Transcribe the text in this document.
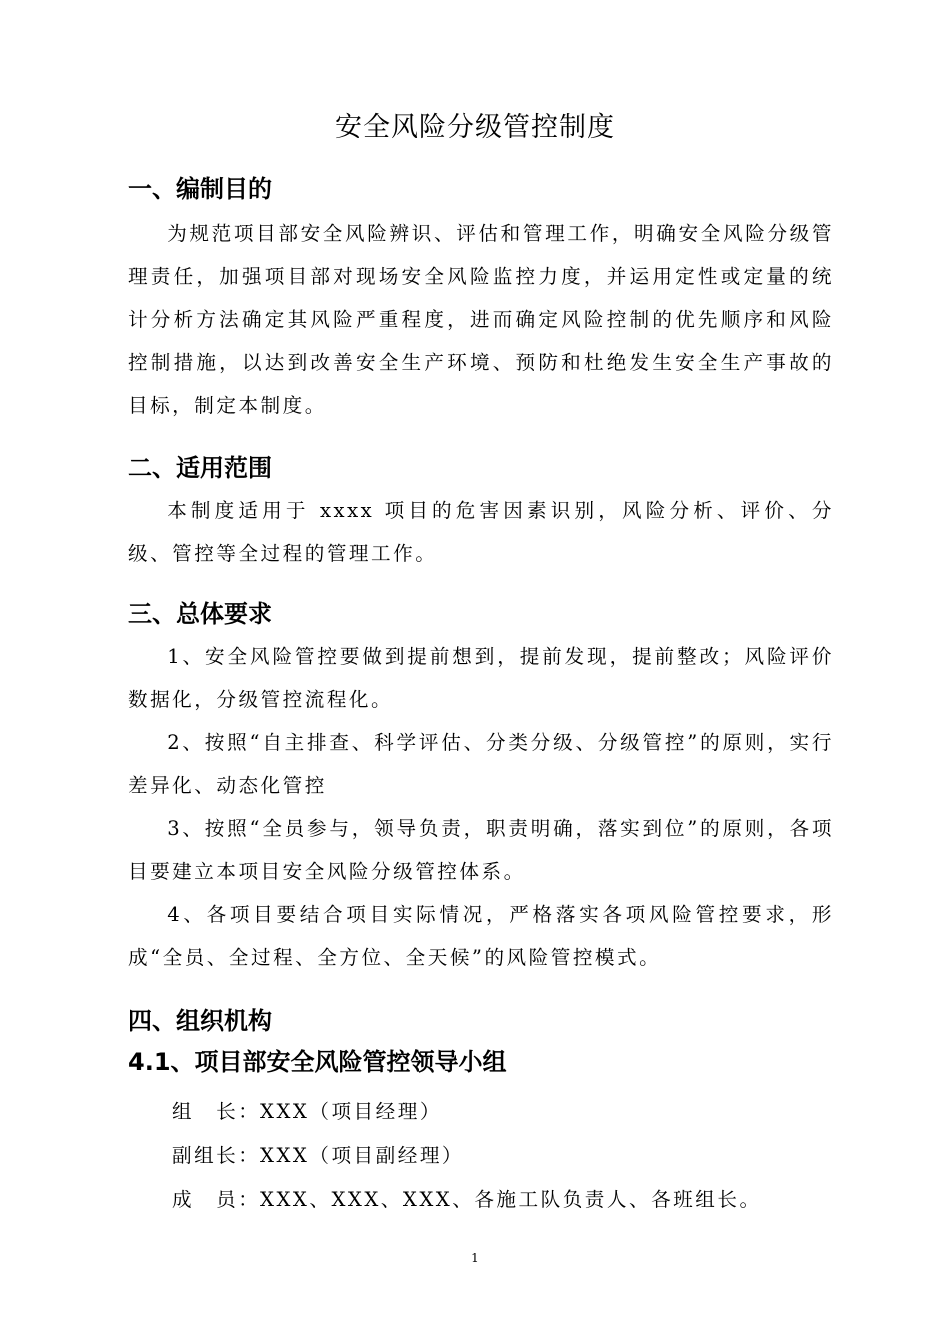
安全风险分级管控制度
一、编制目的

为规范项目部安全风险辨识、评估和管理工作，明确安全风险分级管理责任，加强项目部对现场安全风险监控力度，并运用定性或定量的统计分析方法确定其风险严重程度，进而确定风险控制的优先顺序和风险控制措施，以达到改善安全生产环境、预防和杜绝发生安全生产事故的目标，制定本制度。

二、适用范围

本制度适用于 xxxx 项目的危害因素识别，风险分析、评价、分级、管控等全过程的管理工作。

三、总体要求

1、安全风险管控要做到提前想到，提前发现，提前整改；风险评价数据化，分级管控流程化。

2、按照“自主排查、科学评估、分类分级、分级管控”的原则，实行差异化、动态化管控

3、按照“全员参与，领导负责，职责明确，落实到位”的原则，各项目要建立本项目安全风险分级管控体系。

4、各项目要结合项目实际情况，严格落实各项风险管控要求，形成“全员、全过程、全方位、全天候”的风险管控模式。

四、组织机构
4.1、项目部安全风险管控领导小组

组　长：XXX（项目经理）

副组长：XXX（项目副经理）

成　员：XXX、XXX、XXX、各施工队负责人、各班组长。

1
